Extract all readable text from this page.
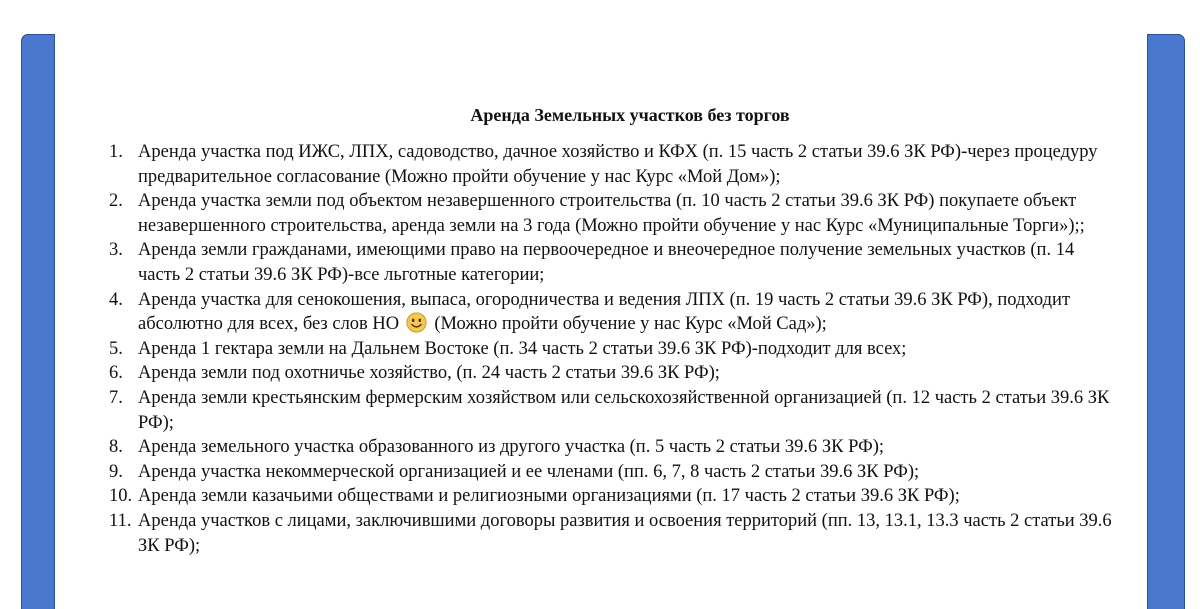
Аренда Земельных участков без торгов
1. Аренда участка под ИЖС, ЛПХ, садоводство, дачное хозяйство и КФХ (п. 15 часть 2 статьи 39.6 ЗК РФ)-через процедуру предварительное согласование (Можно пройти обучение у нас Курс «Мой Дом»);
2. Аренда участка земли под объектом незавершенного строительства (п. 10 часть 2 статьи 39.6 ЗК РФ) покупаете объект незавершенного строительства, аренда земли на 3 года (Можно пройти обучение у нас Курс «Муниципальные Торги»);;
3. Аренда земли гражданами, имеющими право на первоочередное и внеочередное получение земельных участков (п. 14 часть 2 статьи 39.6 ЗК РФ)-все льготные категории;
4. Аренда участка для сенокошения, выпаса, огородничества и ведения ЛПХ (п. 19 часть 2 статьи 39.6 ЗК РФ), подходит абсолютно для всех, без слов НО (Можно пройти обучение у нас Курс «Мой Сад»);
5. Аренда 1 гектара земли на Дальнем Востоке (п. 34 часть 2 статьи 39.6 ЗК РФ)-подходит для всех;
6. Аренда земли под охотничье хозяйство, (п. 24 часть 2 статьи 39.6 ЗК РФ);
7. Аренда земли крестьянским фермерским хозяйством или сельскохозяйственной организацией (п. 12 часть 2 статьи 39.6 ЗК РФ);
8. Аренда земельного участка образованного из другого участка (п. 5 часть 2 статьи 39.6 ЗК РФ);
9. Аренда участка некоммерческой организацией и ее членами (пп. 6, 7, 8 часть 2 статьи 39.6 ЗК РФ);
10. Аренда земли казачьими обществами и религиозными организациями (п. 17 часть 2 статьи 39.6 ЗК РФ);
11. Аренда участков с лицами, заключившими договоры развития и освоения территорий (пп. 13, 13.1, 13.3 часть 2 статьи 39.6 ЗК РФ);
